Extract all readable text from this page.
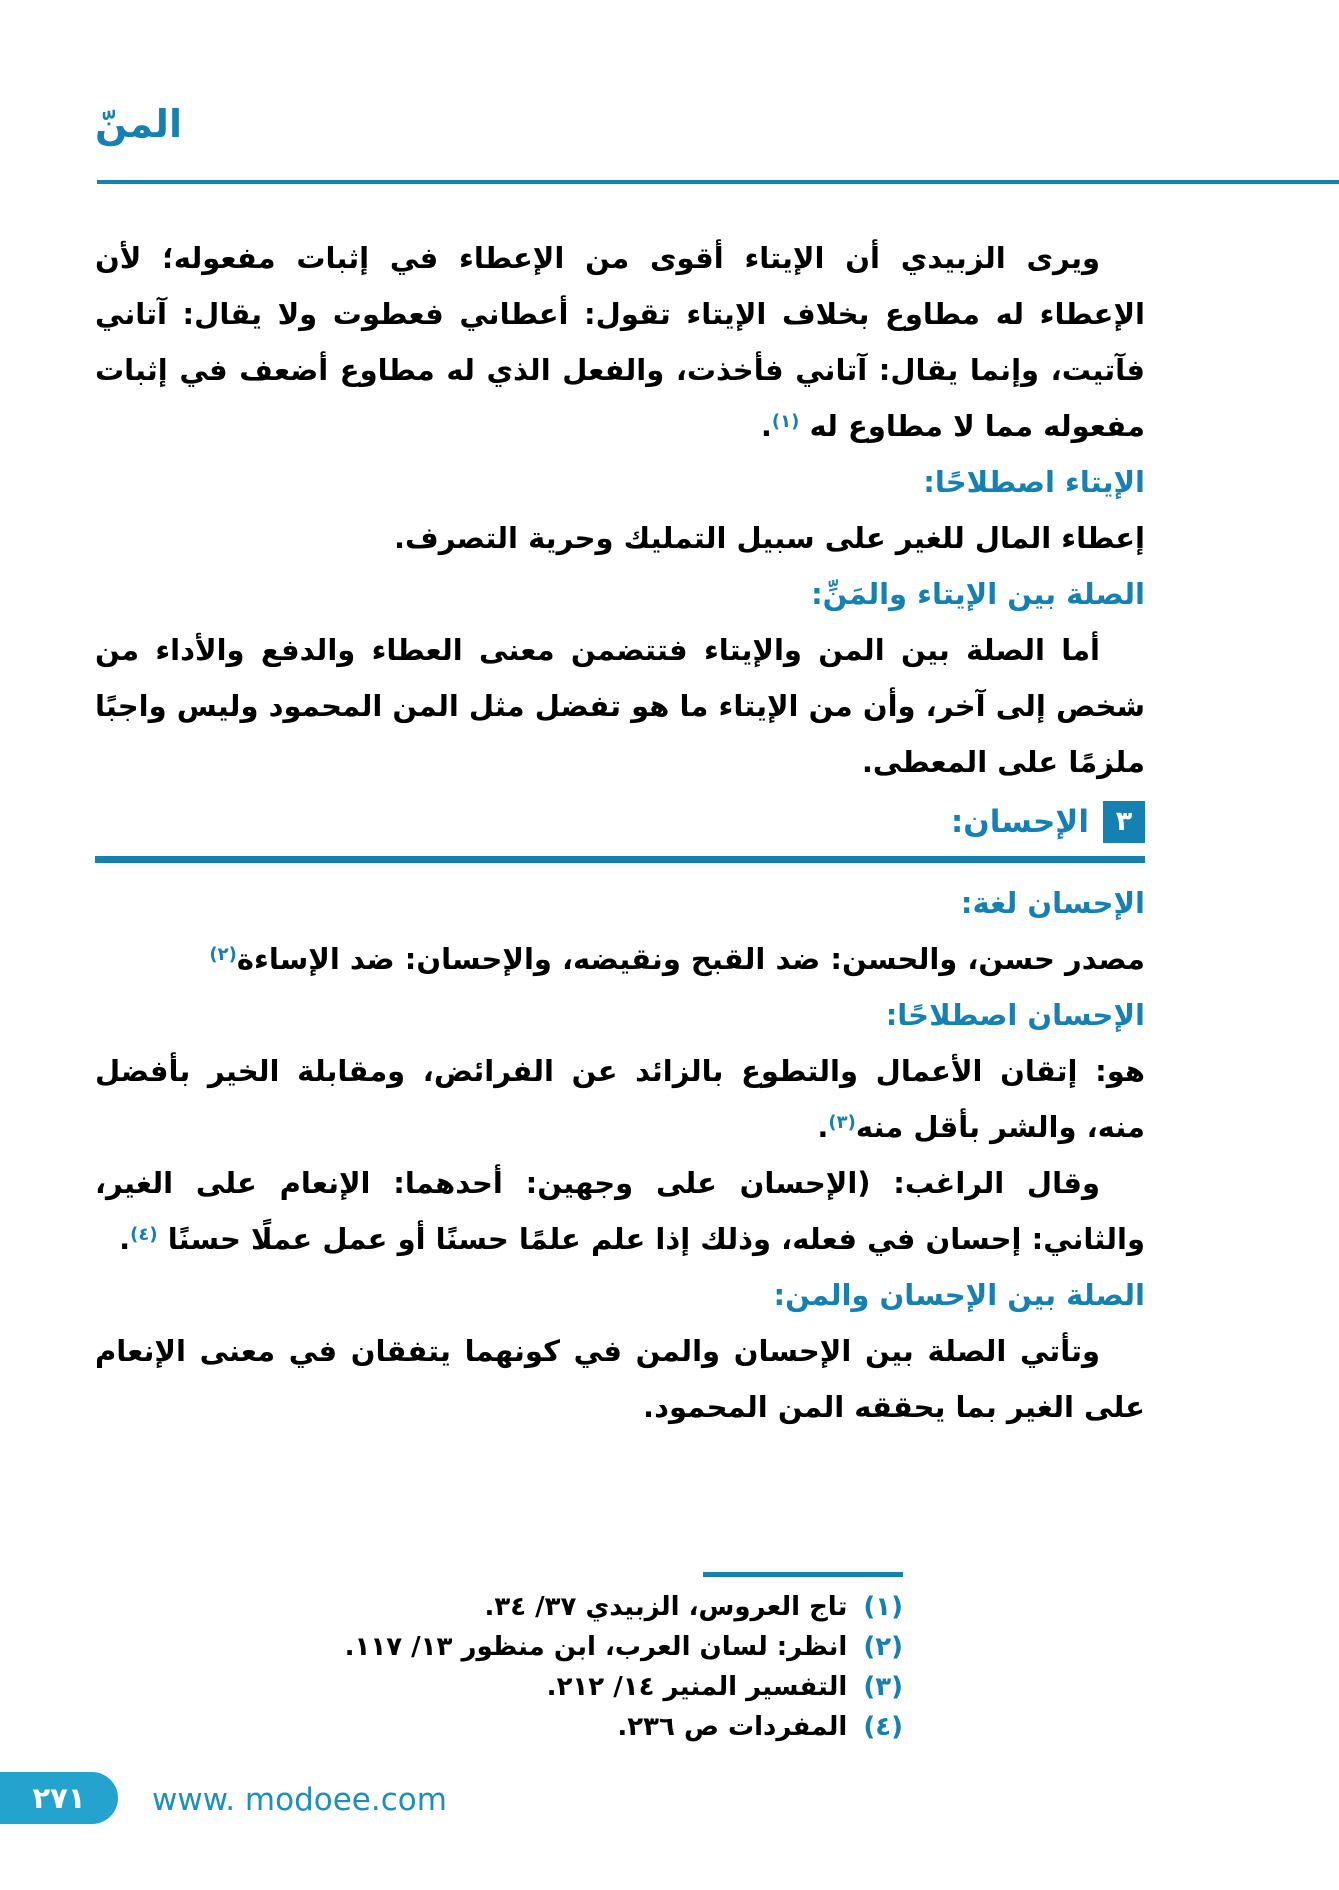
المنّ

ويرى الزبيدي أن الإيتاء أقوى من الإعطاء في إثبات مفعوله؛ لأن الإعطاء له مطاوع بخلاف الإيتاء تقول: أعطاني فعطوت ولا يقال: آتاني فآتيت، وإنما يقال: آتاني فأخذت، والفعل الذي له مطاوع أضعف في إثبات مفعوله مما لا مطاوع له $^{(١)}$.

الإيتاء اصطلاحًا:

إعطاء المال للغير على سبيل التمليك وحرية التصرف.

الصلة بين الإيتاء والمَنِّ:

أما الصلة بين المن والإيتاء فتتضمن معنى العطاء والدفع والأداء من شخص إلى آخر، وأن من الإيتاء ما هو تفضل مثل المن المحمود وليس واجبًا ملزمًا على المعطى.

٣
الإحسان:

الإحسان لغة:

مصدر حسن، والحسن: ضد القبح ونقيضه، والإحسان: ضد الإساءة$^{(٢)}$

الإحسان اصطلاحًا:

هو: إتقان الأعمال والتطوع بالزائد عن الفرائض، ومقابلة الخير بأفضل منه، والشر بأقل منه$^{(٣)}$.

وقال الراغب: (الإحسان على وجهين: أحدهما: الإنعام على الغير، والثاني: إحسان في فعله، وذلك إذا علم علمًا حسنًا أو عمل عملًا حسنًا $^{(٤)}$.

الصلة بين الإحسان والمن:

وتأتي الصلة بين الإحسان والمن في كونهما يتفقان في معنى الإنعام على الغير بما يحققه المن المحمود.

(١)تاج العروس، الزبيدي ٣٧/ ٣٤.
(٢)انظر: لسان العرب، ابن منظور ١٣/ ١١٧.
(٣)التفسير المنير ١٤/ ٢١٢.
(٤)المفردات ص ٢٣٦.
٢٧١	www. modoee.com
